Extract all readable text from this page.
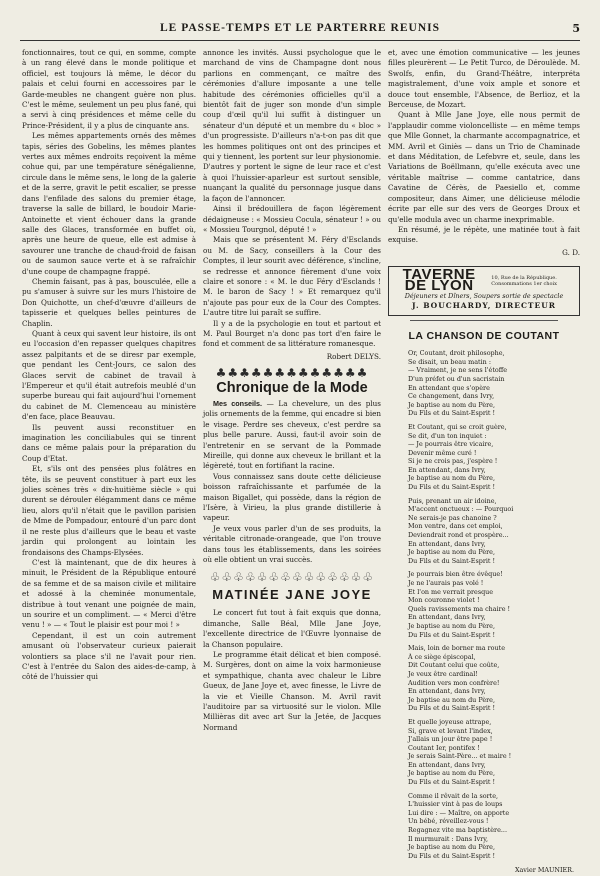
LE PASSE-TEMPS ET LE PARTERRE REUNIS	5

fonctionnaires, tout ce qui, en somme, compte à un rang élevé dans le monde politique et officiel, est toujours là même, le décor du palais et celui fourni en accessoires par le Garde-meubles ne changent guère non plus. C'est le même, seulement un peu plus fané, qui a servi à cinq présidences et même celle du Prince-Président, il y a plus de cinquante ans.

Les mêmes appartements ornés des mêmes tapis, séries des Gobelins, les mêmes plantes vertes aux mêmes endroits reçoivent la même cohue qui, par une température sénégalienne, circule dans le même sens, le long de la galerie et de la serre, gravit le petit escalier, se presse dans l'enfilade des salons du premier étage, traverse la salle de billard, le boudoir Marie-Antoinette et vient échouer dans la grande salle des Glaces, transformée en buffet où, après une heure de queue, elle est admise à savourer une tranche de chaud-froid de faisan ou de saumon sauce verte et à se rafraîchir d'une coupe de champagne frappé.

Chemin faisant, pas à pas, bousculée, elle a pu s'amuser à suivre sur les murs l'histoire de Don Quichotte, un chef-d'œuvre d'ailleurs de tapisserie et quelques belles peintures de Chaplin.

Quant à ceux qui savent leur histoire, ils ont eu l'occasion d'en repasser quelques chapitres assez palpitants et de se diresr par exemple, que pendant les Cent-Jours, ce salon des Glaces servit de cabinet de travail à l'Empereur et qu'il était autrefois meublé d'un superbe bureau qui fait aujourd'hui l'ornement du cabinet de M. Clemenceau au ministère d'en face, place Beauvau.

Ils peuvent aussi reconstituer en imagination les conciliabules qui se tinrent dans ce même palais pour la préparation du Coup d'Etat.

Et, s'ils ont des pensées plus folâtres en tête, ils se peuvent constituer à part eux les jolies scènes très « dix-huitième siècle » qui durent se dérouler élégamment dans ce même lieu, alors qu'il n'était que le pavillon parisien de Mme de Pompadour, entouré d'un parc dont il ne reste plus d'ailleurs que le beau et vaste jardin qui prolongent au lointain les frondaisons des Champs-Elysées.

C'est là maintenant, que de dix heures à minuit, le Président de la République entouré de sa femme et de sa maison civile et militaire et adossé à la cheminée monumentale, distribue à tout venant une poignée de main, un sourire et un compliment. — « Merci d'être venu ! » — « Tout le plaisir est pour moi ! »

Cependant, il est un coin autrement amusant où l'observateur curieux paierait volontiers sa place s'il ne l'avait pour rien. C'est à l'entrée du Salon des aides-de-camp, à côté de l'huissier qui

annonce les invités. Aussi psychologue que le marchand de vins de Champagne dont nous parlions en commençant, ce maître des cérémonies d'allure imposante a une telle habitude des cérémonies officielles qu'il a bientôt fait de juger son monde d'un simple coup d'œil qu'il lui suffit à distinguer un sénateur d'un député et un membre du « bloc » d'un progressiste. D'ailleurs n'a-t-on pas dit que les hommes politiques ont ont des principes et qui y tiennent, les portent sur leur physionomie. D'autres y portent le signe de leur race et c'est à quoi l'huissier-aparleur est surtout sensible, nuançant la qualité du personnage jusque dans la façon de l'annoncer.

Ainsi il brédouillera de façon légèrement dédaigneuse : « Mossieu Cocula, sénateur ! » ou « Mossieu Tourgnol, député ! »

Mais que se présentent M. Féry d'Esclands ou M. de Sacy, conseillers à la Cour des Comptes, il leur sourit avec déférence, s'incline, se redresse et annonce fièrement d'une voix claire et sonore : « M. le duc Féry d'Esclands ! M. le baron de Sacy ! » Et remarquez qu'il n'ajoute pas pour eux de la Cour des Comptes. L'autre titre lui paraît se suffire.

Il y a de la psychologie en tout et partout et M. Paul Bourget n'a donc pas tort d'en faire le fond et comment de sa littérature romanesque.

Robert DELYS.
♣♣♣♣♣♣♣♣♣♣♣♣♣
Chronique de la Mode

Mes conseils. — La chevelure, un des plus jolis ornements de la femme, qui encadre si bien le visage. Perdre ses cheveux, c'est perdre sa plus belle parure. Aussi, faut-il avoir soin de l'entretenir en se servant de la Pommade Mireille, qui donne aux cheveux le brillant et la légèreté, tout en fortifiant la racine.

Vous connaissez sans doute cette délicieuse boisson rafraîchissante et parfumée de la maison Bigallet, qui possède, dans la région de l'Isère, à Virieu, la plus grande distillerie à vapeur.

Je veux vous parler d'un de ses produits, la véritable citronade-orangeade, que l'on trouve dans tous les établissements, dans les soirées où elle obtient un vrai succès.

♧♧♧♧♧♧♧♧♧♧♧♧♧♧
MATINÉE JANE JOYE

Le concert fut tout à fait exquis que donna, dimanche, Salle Béal, Mlle Jane Joye, l'excellente directrice de l'Œuvre lyonnaise de la Chanson populaire.

Le programme était délicat et bien composé. M. Surgères, dont on aime la voix harmonieuse et sympathique, chanta avec chaleur le Libre Gueux, de Jane Joye et, avec finesse, le Livre de la vie et Vieille Chanson. M. Avril ravit l'auditoire par sa virtuosité sur le violon. Mlle Millièras dit avec art Sur la Jetée, de Jacques Normand

et, avec une émotion communicative — les jeunes filles pleurèrent — Le Petit Turco, de Déroulède. M. Swolfs, enfin, du Grand-Théâtre, interpréta magistralement, d'une voix ample et sonore et douce tout ensemble, l'Absence, de Berlioz, et la Berceuse, de Mozart.

Quant à Mlle Jane Joye, elle nous permit de l'applaudir comme violoncelliste — en même temps que Mlle Gonnet, la charmante accompagnatrice, et MM. Avril et Giniès — dans un Trio de Chaminade et dans Méditation, de Lefebvre et, seule, dans les Variations de Boëllmann, qu'elle exécuta avec une véritable maîtrise — comme cantatrice, dans Cavatine de Cérès, de Paesiello et, comme compositeur, dans Aimer, une délicieuse mélodie écrite par elle sur des vers de Georges Droux et qu'elle modula avec un charme inexprimable.

En résumé, je le répète, une matinée tout à fait exquise.

G. D.
TAVERNE DE LYON	10, Rue de la République. Consommations 1er choix
Déjeuners et Dîners, Soupers sortie de spectacle
J. BOUCHARDY, DIRECTEUR
LA CHANSON DE COUTANT
Or, Coutant, droit philosophe,
Se disait, un beau matin :
— Vraiment, je ne sens l'étoffe
D'un préfet ou d'un sacristain
En attendant que s'opère
Ce changement, dans Ivry,
Je baptise au nom du Père,
Du Fils et du Saint-Esprit !
Et Coutant, qui se croit guère,
Se dit, d'un ton inquiet :
— Je pourrais être vicaire,
Devenir même curé !
Si je ne crois pas, j'espère !
En attendant, dans Ivry,
Je baptise au nom du Père,
Du Fils et du Saint-Esprit !
Puis, prenant un air idoine,
M'accent onctueux : — Pourquoi
Ne serais-je pas chanoine ?
Mon ventre, dans cet emploi,
Deviendrait rond et prospère...
En attendant, dans Ivry,
Je baptise au nom du Père,
Du Fils et du Saint-Esprit !
Je pourrais bien être évêque!
Je ne l'aurais pas volé !
Et l'on me verrait presque
Mon couronne violet !
Quels ravissements ma chaire !
En attendant, dans Ivry,
Je baptise au nom du Père,
Du Fils et du Saint-Esprit !
Mais, loin de borner ma route
À ce siège épiscopal,
Dit Coutant celui que coûte,
Je veux être cardinal!
Audition vers mon confrère!
En attendant, dans Ivry,
Je baptise au nom du Père,
Du Fils et du Saint-Esprit !
Et quelle joyeuse attrape,
Si, grave et levant l'index,
J'allais un jour être pape !
Coutant Ier, pontifex !
Je serais Saint-Père... et maire !
En attendant, dans Ivry,
Je baptise au nom du Père,
Du Fils et du Saint-Esprit !
Comme il rêvait de la sorte,
L'huissier vint à pas de loups
Lui dire : — Maître, on apporte
Un bébé, réveillez-vous !
Regagnez vite ma baptistère...
Il murmurait : Dans Ivry,
Je baptise au nom du Père,
Du Fils et du Saint-Esprit !
Xavier MAUNIER.
